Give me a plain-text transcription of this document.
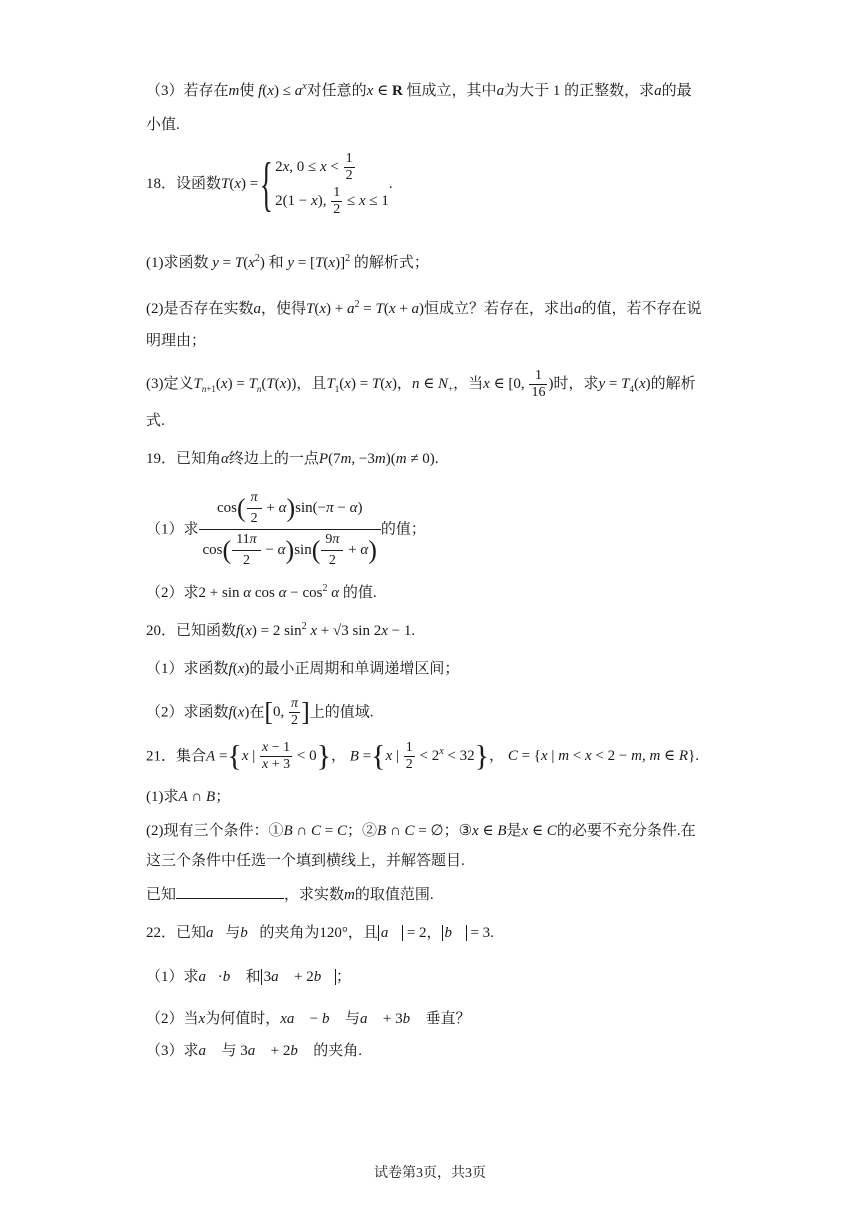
（3）若存在m使 $f(x) \le a^x$对任意的x ∈ R 恒成立，其中a为大于 1 的正整数，求a的最
小值.
18．设函数T(x) ={ 2x, $0 \le x < \frac{1}{2}$
2(1 − x), $\frac{1}{2} \le x \le 1$
.
(1)求函数 $y = T(x^2)$ 和 $y = [T(x)]^2$ 的解析式；
(2)是否存在实数a，使得$T(x) + a^2 = T(x + a)$恒成立？若存在，求出a的值，若不存在说
明理由；
(3)定义$T_{n+1}(x) = T_n(T(x))$，且$T_1(x) = T(x)$，n ∈ $N_+$，当x ∈ [0, $\frac{1}{16}$ )时，求$y = T_4(x)$的解析
式.
19．已知角α终边上的一点P(7m, −3m)(m ≠ 0).
（1）求 $\frac{\cos( \frac{\pi}{2} + \alpha)\sin(-\pi - \alpha)}{\cos( \frac{11\pi}{2} - \alpha)\sin( \frac{9\pi}{2} + \alpha)}$ 的值；
（2）求2 + sin α $\cos \alpha - \cos^2 \alpha$ 的值.
20．已知函数f(x) = 2 $\sin^2 x + √3$ sin 2x − 1.
（1）求函数f(x)的最小正周期和单调递增区间；
（2）求函数f(x)在[0, $\frac{\pi}{2}$ ]上的值域.
21．集合A ={x | $\frac{x - 1}{x + 3} < 0$}， B ={x | $\frac{1}{2} < 2^x < 32$}， C = {x | m < x < 2 − m, m ∈ R}.
(1)求A ∩ B；
(2)现有三个条件：①B ∩ C = C；②B ∩ C = ∅；③x ∈ B是x ∈ C的必要不充分条件.在
这三个条件中任选一个填到横线上，并解答题目.
已知	，求实数m的取值范围.
22．已知a⃗与b⃗的夹角为120°，且 a⃗ = 2， b⃗ = 3.
（1）求a⃗·b⃗ 和 3a⃗ + 2b⃗ ；
（2）当x为何值时，xa⃗ − b⃗ 与a⃗ + 3b⃗ 垂直？
（3）求a⃗ 与 3a⃗ + 2b⃗ 的夹角.
试卷第3页，共3页
